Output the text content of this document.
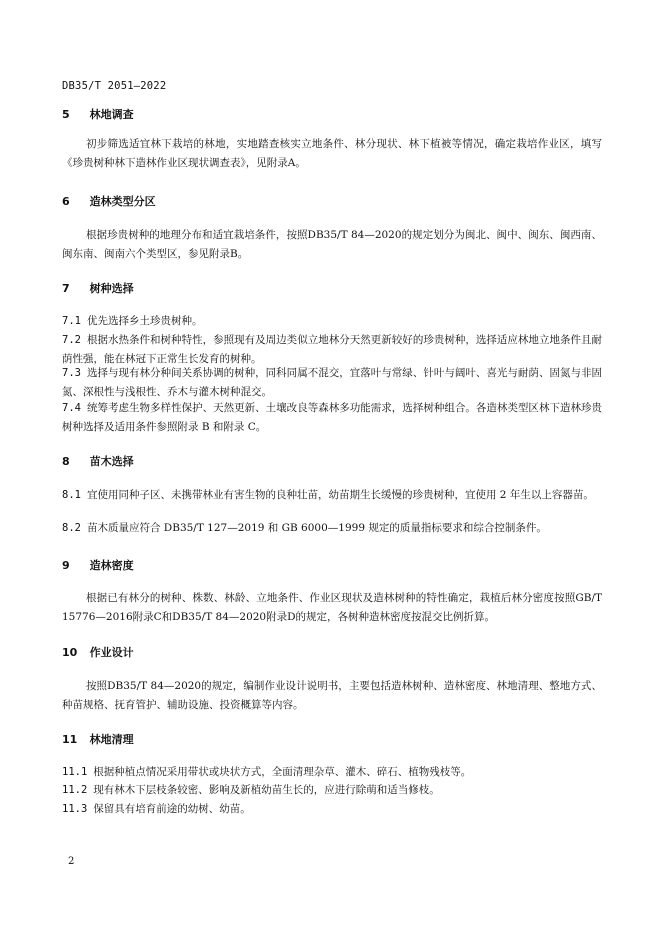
DB35/T 2051—2022
5 林地调查
初步筛选适宜林下栽培的林地，实地踏查核实立地条件、林分现状、林下植被等情况，确定栽培作业区，填写《珍贵树种林下造林作业区现状调查表》，见附录A。
6 造林类型分区
根据珍贵树种的地理分布和适宜栽培条件，按照DB35/T 84—2020的规定划分为闽北、闽中、闽东、闽西南、闽东南、闽南六个类型区，参见附录B。
7 树种选择
7.1 优先选择乡土珍贵树种。
7.2 根据水热条件和树种特性，参照现有及周边类似立地林分天然更新较好的珍贵树种，选择适应林地立地条件且耐荫性强，能在林冠下正常生长发育的树种。
7.3 选择与现有林分种间关系协调的树种，同科同属不混交，宜落叶与常绿、针叶与阔叶、喜光与耐荫、固氮与非固氮、深根性与浅根性、乔木与灌木树种混交。
7.4 统筹考虑生物多样性保护、天然更新、土壤改良等森林多功能需求，选择树种组合。各造林类型区林下造林珍贵树种选择及适用条件参照附录 B 和附录 C。
8 苗木选择
8.1 宜使用同种子区、未携带林业有害生物的良种壮苗，幼苗期生长缓慢的珍贵树种，宜使用 2 年生以上容器苗。
8.2 苗木质量应符合 DB35/T 127—2019 和 GB 6000—1999 规定的质量指标要求和综合控制条件。
9 造林密度
根据已有林分的树种、株数、林龄、立地条件、作业区现状及造林树种的特性确定，栽植后林分密度按照GB/T 15776—2016附录C和DB35/T 84—2020附录D的规定，各树种造林密度按混交比例折算。
10 作业设计
按照DB35/T 84—2020的规定，编制作业设计说明书，主要包括造林树种、造林密度、林地清理、整地方式、种苗规格、抚育管护、辅助设施、投资概算等内容。
11 林地清理
11.1 根据种植点情况采用带状或块状方式，全面清理杂草、灌木、碎石、植物残枝等。
11.2 现有林木下层枝条较密、影响及新植幼苗生长的，应进行除萌和适当修枝。
11.3 保留具有培育前途的幼树、幼苗。
2
